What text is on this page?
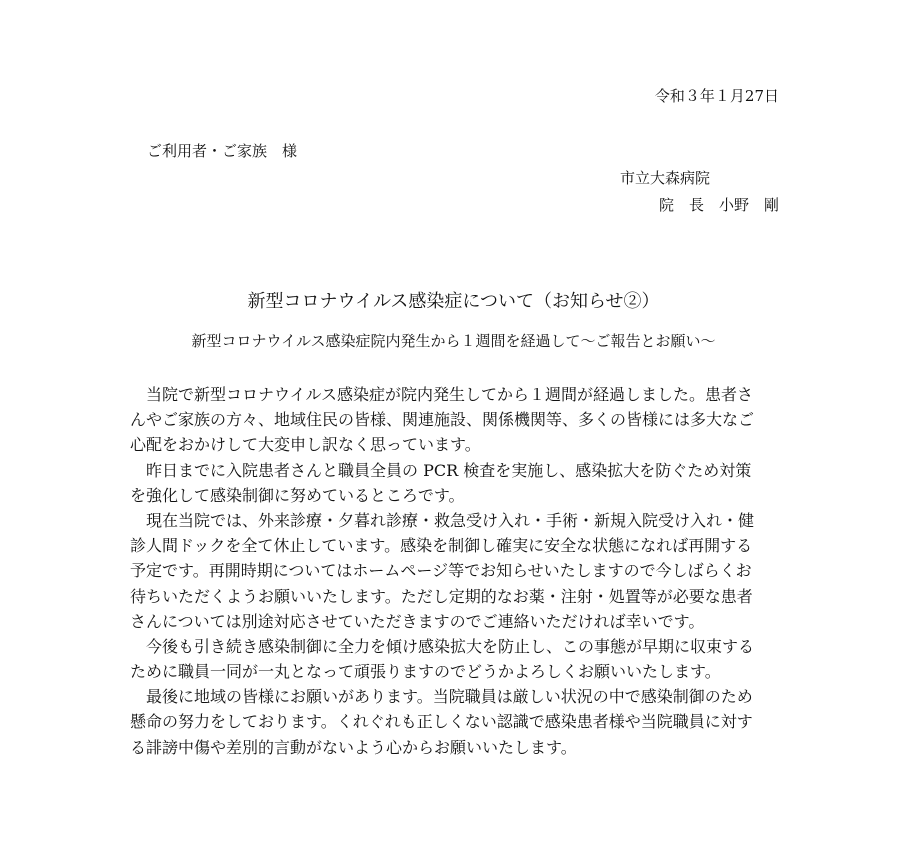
令和３年１月27日
ご利用者・ご家族　様
市立大森病院
院　長　小野　剛
新型コロナウイルス感染症について（お知らせ②）
新型コロナウイルス感染症院内発生から１週間を経過して～ご報告とお願い～
　当院で新型コロナウイルス感染症が院内発生してから１週間が経過しました。患者さ
んやご家族の方々、地域住民の皆様、関連施設、関係機関等、多くの皆様には多大なご
心配をおかけして大変申し訳なく思っています。
　昨日までに入院患者さんと職員全員の PCR 検査を実施し、感染拡大を防ぐため対策
を強化して感染制御に努めているところです。
　現在当院では、外来診療・夕暮れ診療・救急受け入れ・手術・新規入院受け入れ・健
診人間ドックを全て休止しています。感染を制御し確実に安全な状態になれば再開する
予定です。再開時期についてはホームページ等でお知らせいたしますので今しばらくお
待ちいただくようお願いいたします。ただし定期的なお薬・注射・処置等が必要な患者
さんについては別途対応させていただきますのでご連絡いただければ幸いです。
　今後も引き続き感染制御に全力を傾け感染拡大を防止し、この事態が早期に収束する
ために職員一同が一丸となって頑張りますのでどうかよろしくお願いいたします。
　最後に地域の皆様にお願いがあります。当院職員は厳しい状況の中で感染制御のため
懸命の努力をしております。くれぐれも正しくない認識で感染患者様や当院職員に対す
る誹謗中傷や差別的言動がないよう心からお願いいたします。
